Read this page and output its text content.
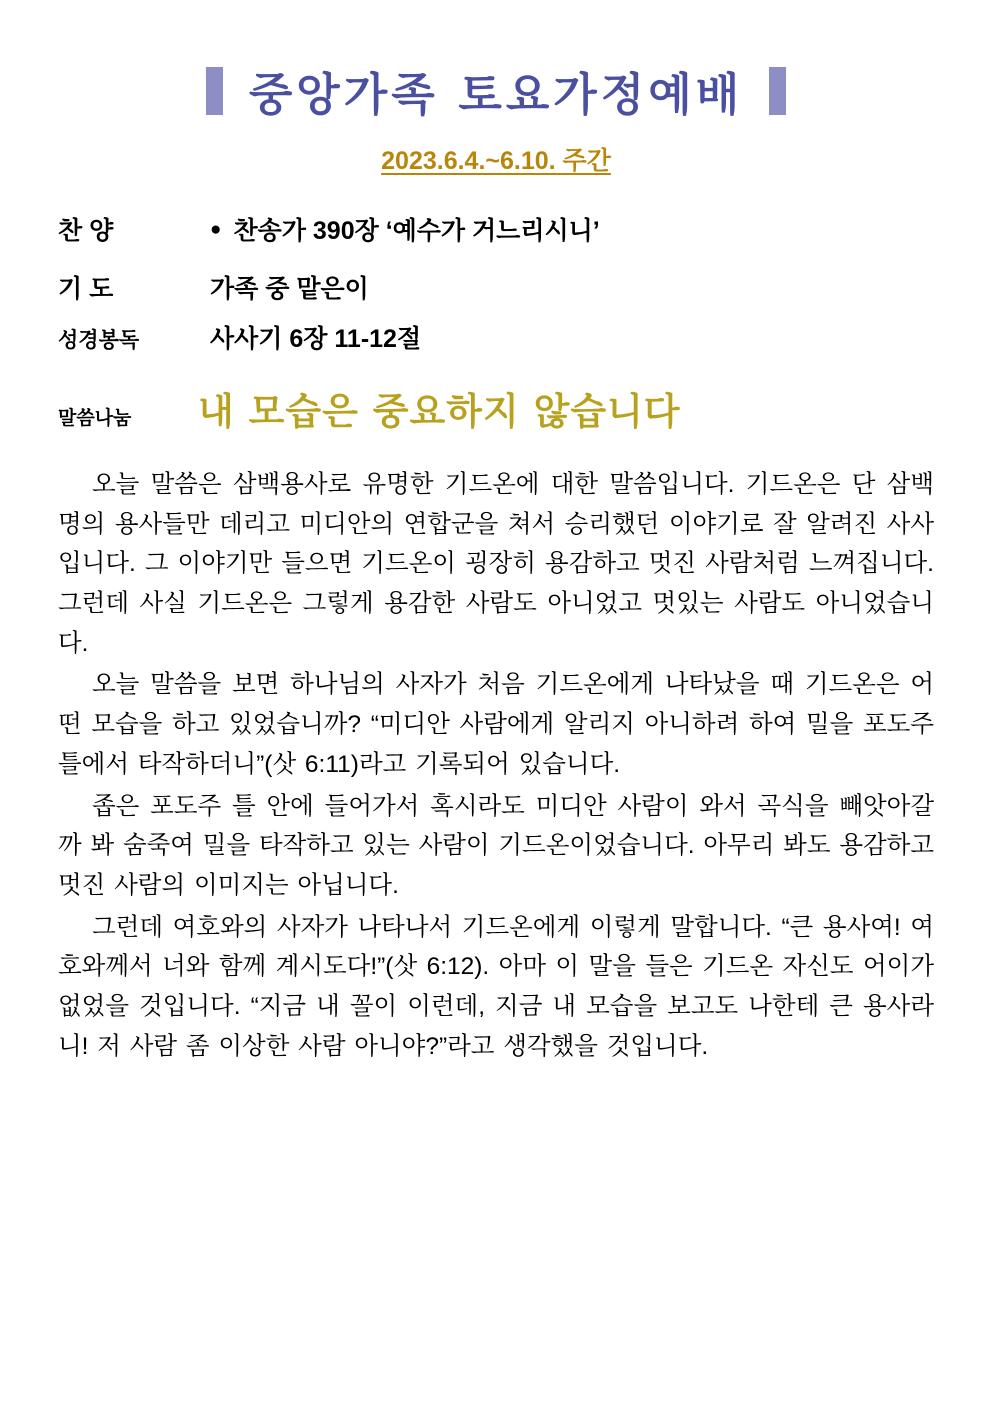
중앙가족 토요가정예배
2023.6.4.~6.10. 주간
찬 양	● 찬송가 390장 ‘예수가 거느리시니’
기 도	가족 중 맡은이
성경봉독	사사기 6장 11-12절
말씀나눔	내 모습은 중요하지 않습니다

오늘 말씀은 삼백용사로 유명한 기드온에 대한 말씀입니다. 기드온은 단 삼백 명의 용사들만 데리고 미디안의 연합군을 쳐서 승리했던 이야기로 잘 알려진 사사입니다. 그 이야기만 들으면 기드온이 굉장히 용감하고 멋진 사람처럼 느껴집니다. 그런데 사실 기드온은 그렇게 용감한 사람도 아니었고 멋있는 사람도 아니었습니다.

오늘 말씀을 보면 하나님의 사자가 처음 기드온에게 나타났을 때 기드온은 어떤 모습을 하고 있었습니까? “미디안 사람에게 알리지 아니하려 하여 밀을 포도주 틀에서 타작하더니”(삿 6:11)라고 기록되어 있습니다.

좁은 포도주 틀 안에 들어가서 혹시라도 미디안 사람이 와서 곡식을 빼앗아갈까 봐 숨죽여 밀을 타작하고 있는 사람이 기드온이었습니다. 아무리 봐도 용감하고 멋진 사람의 이미지는 아닙니다.

그런데 여호와의 사자가 나타나서 기드온에게 이렇게 말합니다. “큰 용사여! 여호와께서 너와 함께 계시도다!”(삿 6:12). 아마 이 말을 들은 기드온 자신도 어이가 없었을 것입니다. “지금 내 꼴이 이런데, 지금 내 모습을 보고도 나한테 큰 용사라니! 저 사람 좀 이상한 사람 아니야?”라고 생각했을 것입니다.
